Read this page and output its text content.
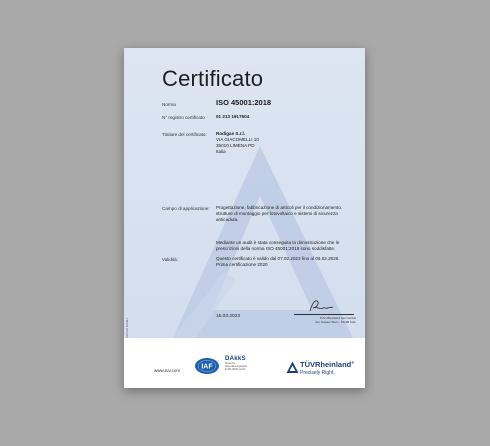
Certificato
Norma	ISO 45001:2018
N° registro certificato 01 213 1917604
Titolare del certificato: Rodigas S.r.l.
VIA GIACOMELLI 10
35010 LIMENA PD
Italia
Campo di applicazione: Progettazione, fabbricazione di articoli per il condizionamento, strutture di montaggio per fotovoltaico e sistemi di sicurezza anticaduta.
Mediante un audit è stata conseguita la dimostrazione che le prescrizioni della norma ISO 45001:2018 sono soddisfatte.
Validità:	Questo certificato è valido dal 07.02.2023 fino al 06.02.2026.
Prima certificazione 2020
15.03.2023	TÜV Rheinland Cert GmbH
Am Grauen Stein · 51105 Köln
www.tuv.com	IAF
DAkkS
Deutsche
Akkreditierungsstelle
D-ZM-16031-01-00
TÜVRheinland®
Precisely Right.
